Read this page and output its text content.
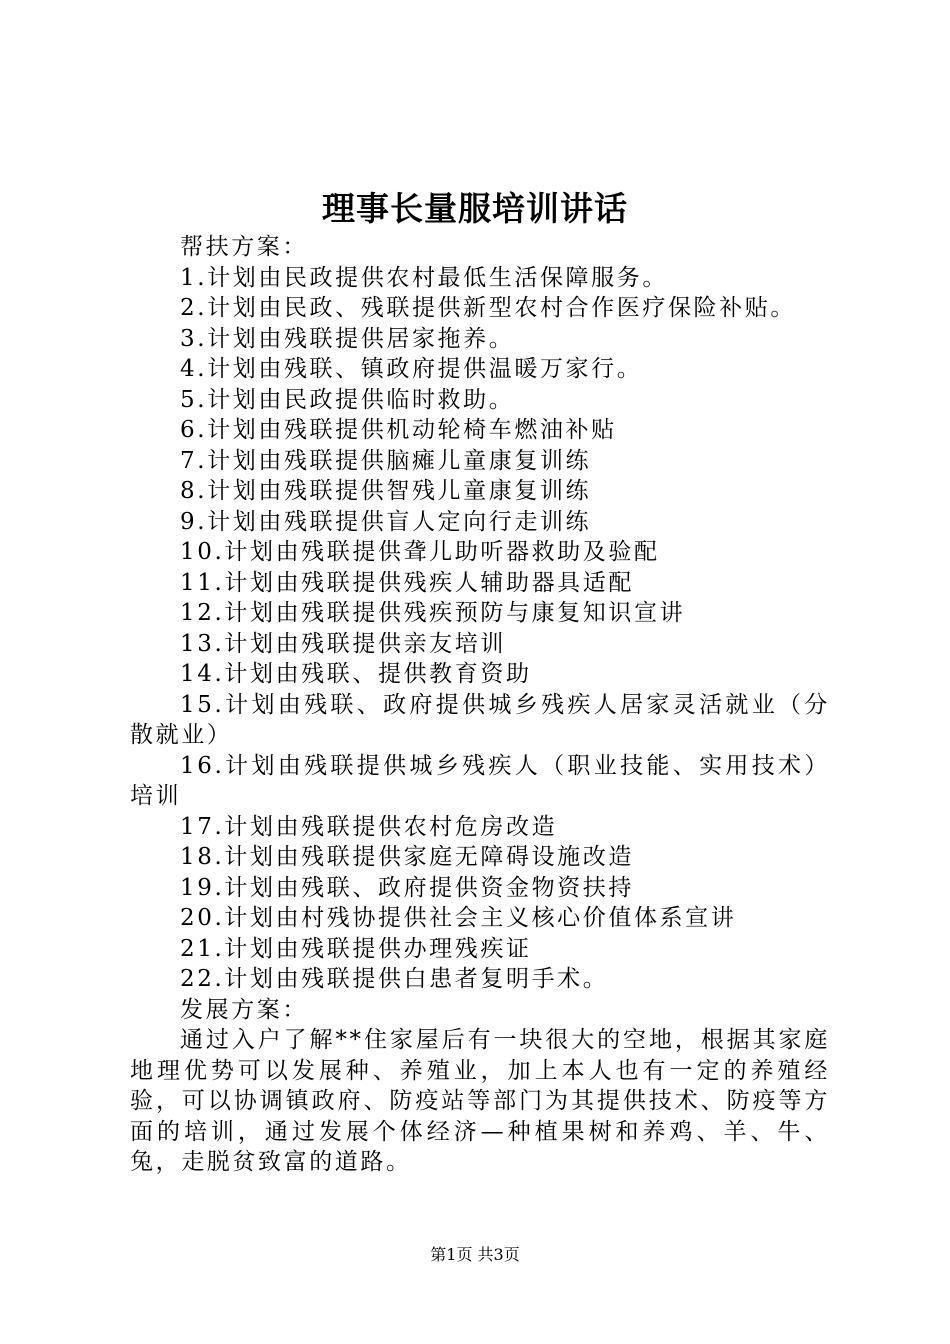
理事长量服培训讲话

帮扶方案：

1.计划由民政提供农村最低生活保障服务。

2.计划由民政、残联提供新型农村合作医疗保险补贴。

3.计划由残联提供居家拖养。

4.计划由残联、镇政府提供温暖万家行。

5.计划由民政提供临时救助。

6.计划由残联提供机动轮椅车燃油补贴

7.计划由残联提供脑瘫儿童康复训练

8.计划由残联提供智残儿童康复训练

9.计划由残联提供盲人定向行走训练

10.计划由残联提供聋儿助听器救助及验配

11.计划由残联提供残疾人辅助器具适配

12.计划由残联提供残疾预防与康复知识宣讲

13.计划由残联提供亲友培训

14.计划由残联、提供教育资助

15.计划由残联、政府提供城乡残疾人居家灵活就业（分散就业）

16.计划由残联提供城乡残疾人（职业技能、实用技术）培训

17.计划由残联提供农村危房改造

18.计划由残联提供家庭无障碍设施改造

19.计划由残联、政府提供资金物资扶持

20.计划由村残协提供社会主义核心价值体系宣讲

21.计划由残联提供办理残疾证

22.计划由残联提供白患者复明手术。

发展方案：

通过入户了解**住家屋后有一块很大的空地，根据其家庭地理优势可以发展种、养殖业，加上本人也有一定的养殖经验，可以协调镇政府、防疫站等部门为其提供技术、防疫等方面的培训，通过发展个体经济—种植果树和养鸡、羊、牛、兔，走脱贫致富的道路。

第1页 共3页
